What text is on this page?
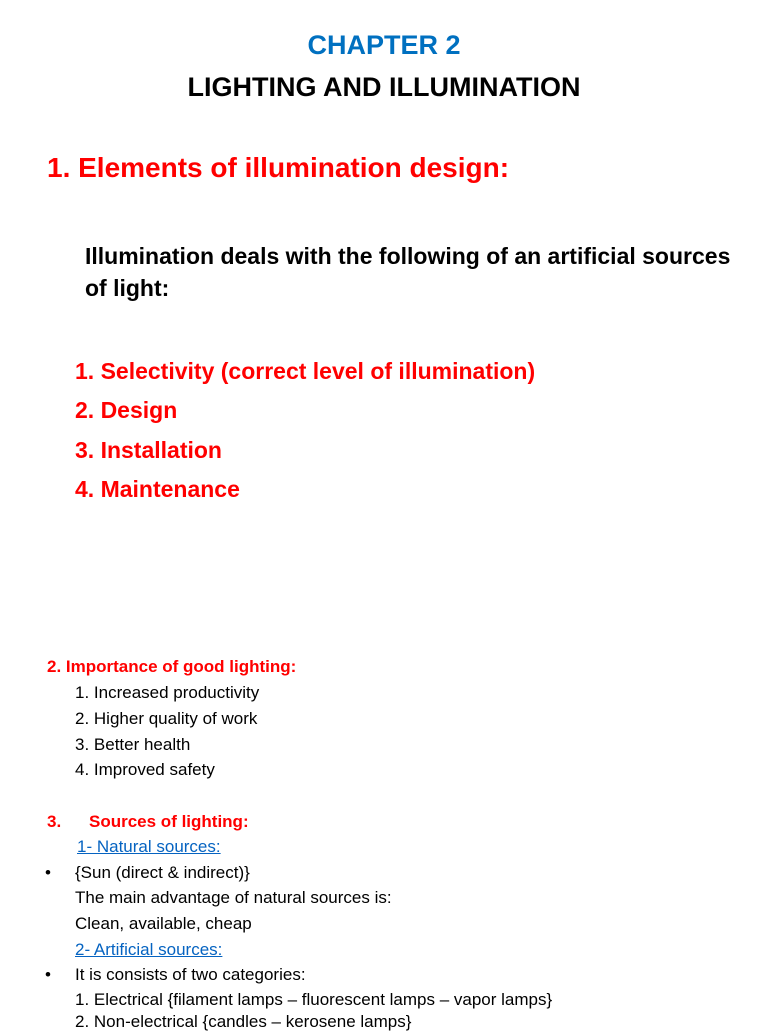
CHAPTER 2
LIGHTING AND ILLUMINATION
1. Elements of illumination design:
Illumination deals with the following of an artificial sources of light:
1. Selectivity (correct level of illumination)
2. Design
3. Installation
4. Maintenance
2. Importance of good lighting:
1. Increased productivity
2. Higher quality of work
3. Better health
4. Improved safety
3. Sources of lighting:
1- Natural sources:
• {Sun (direct & indirect)}
The main advantage of natural sources is:
Clean, available, cheap
2- Artificial sources:
• It is consists of two categories:
1. Electrical {filament lamps – fluorescent lamps – vapor lamps}
2. Non-electrical {candles – kerosene lamps}
